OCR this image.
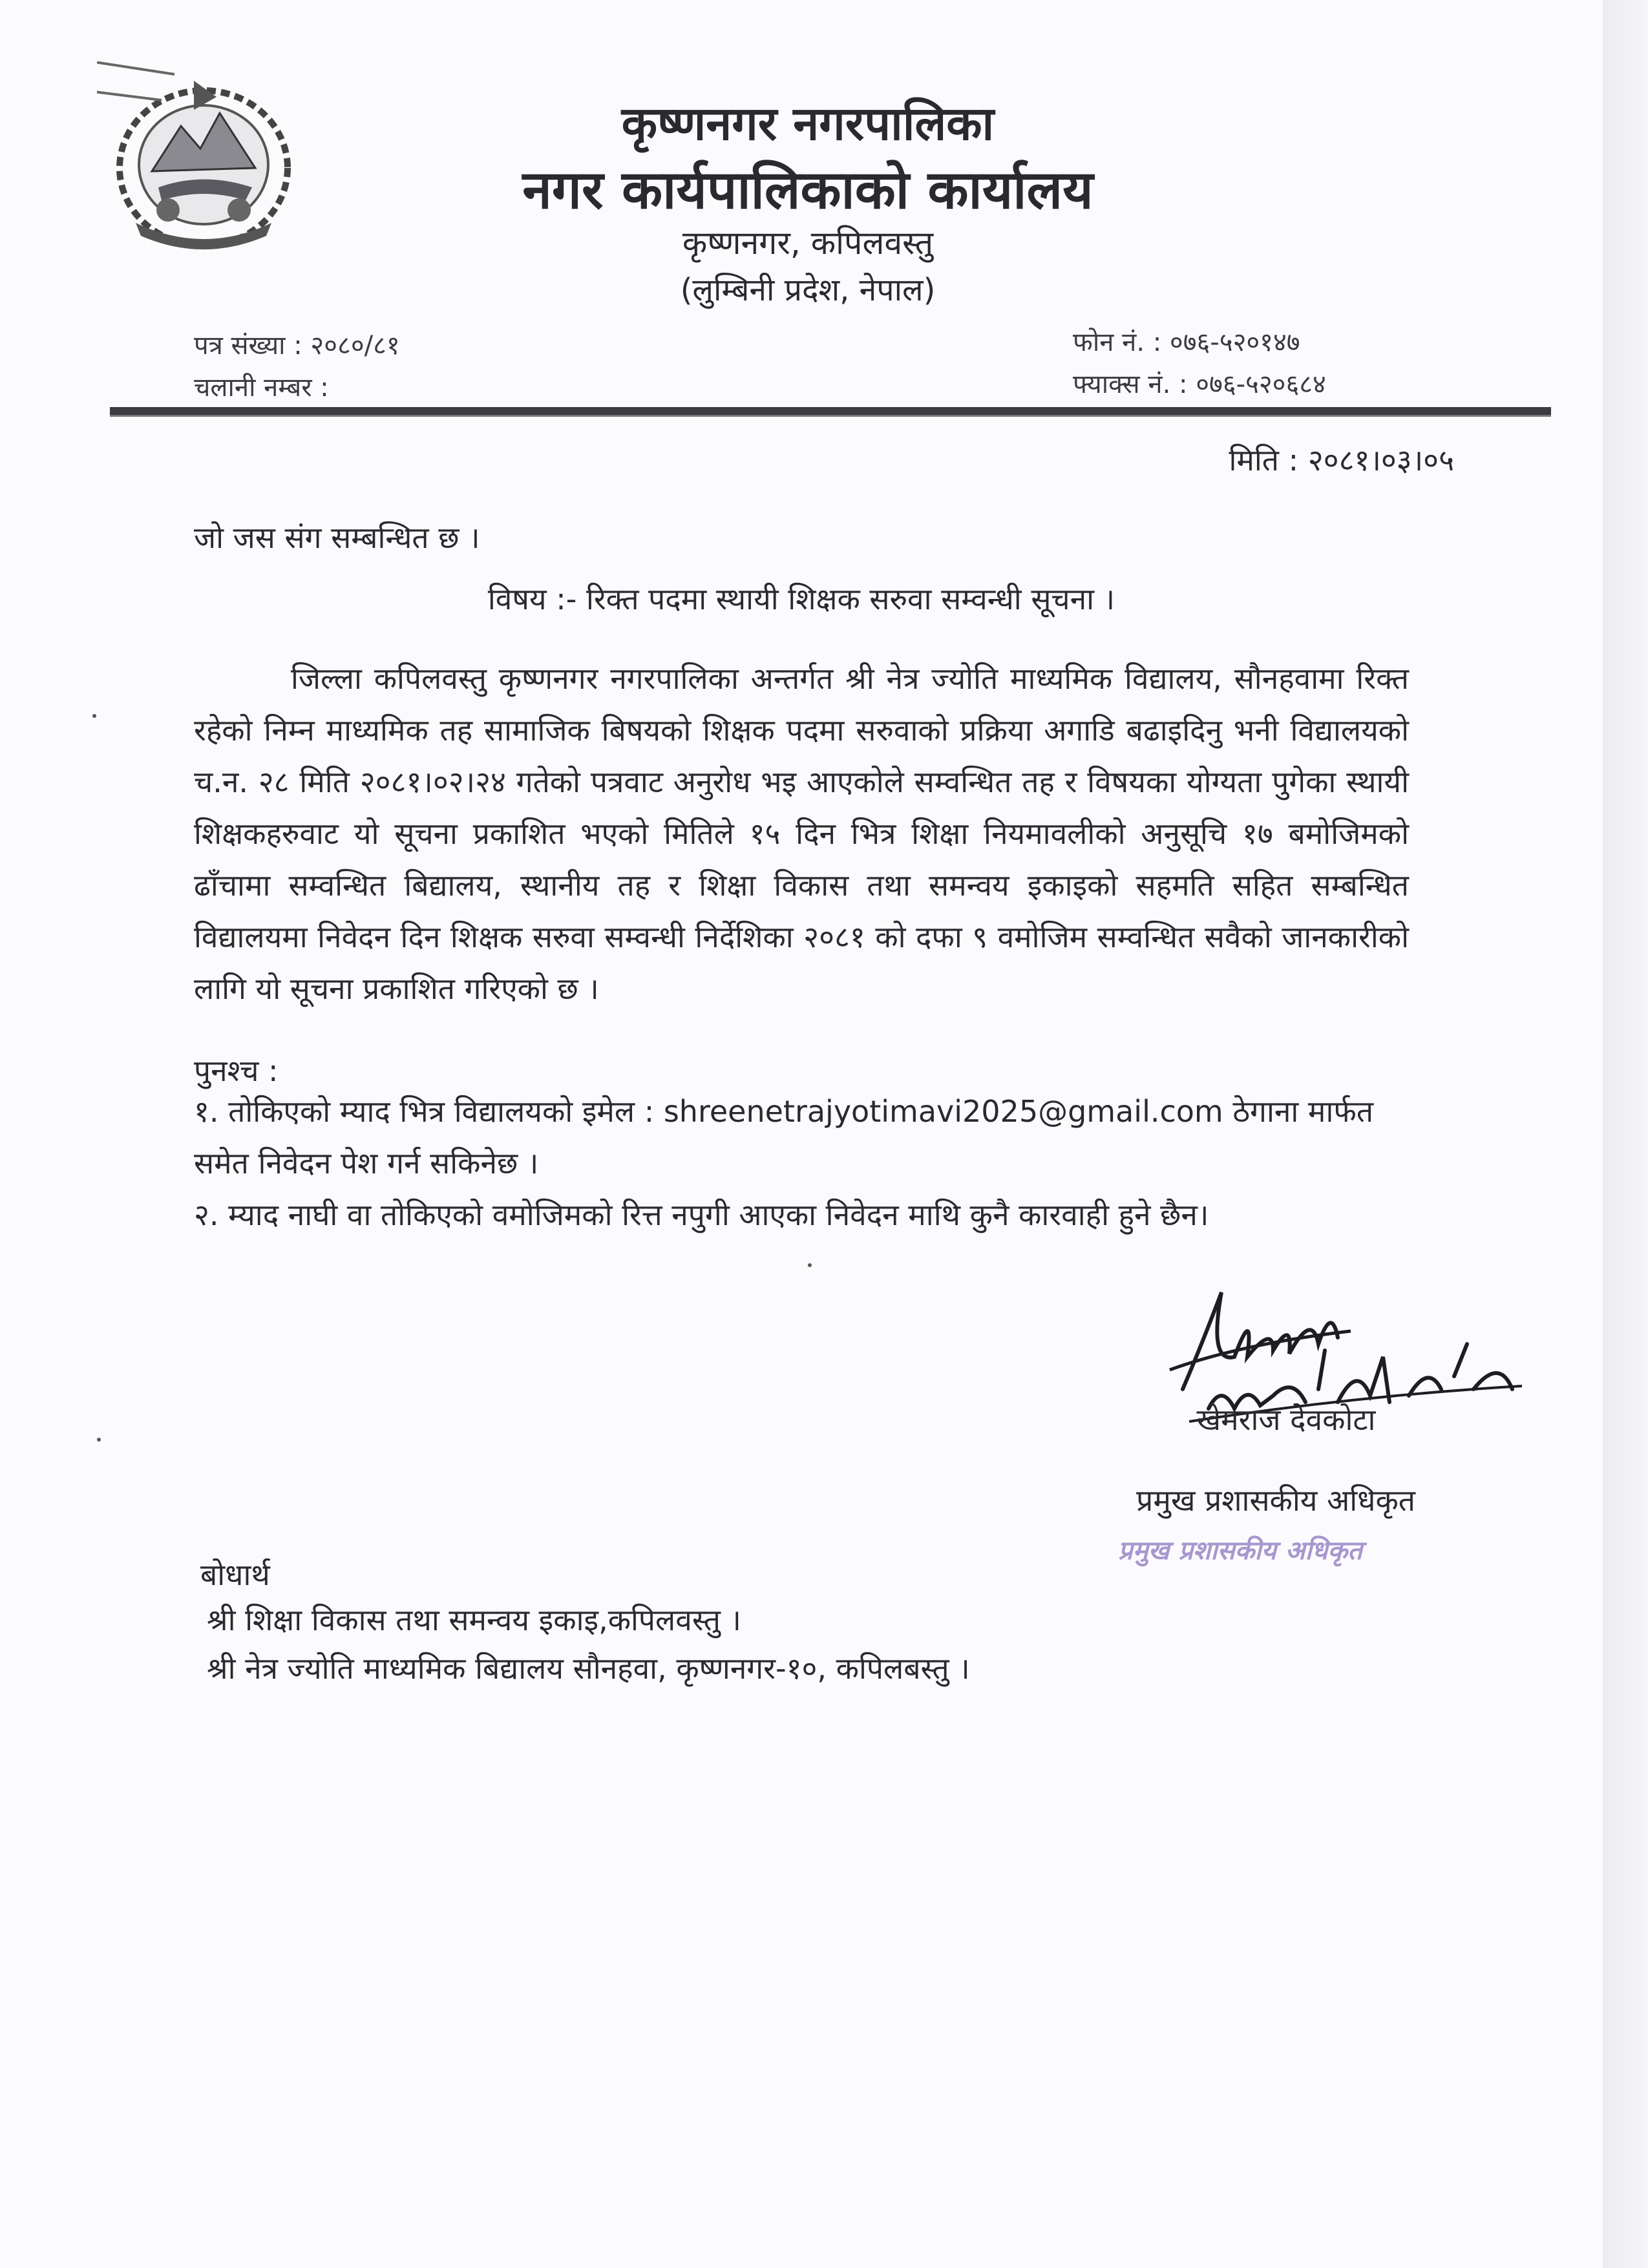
कृष्णनगर नगरपालिका
नगर कार्यपालिकाको कार्यालय
कृष्णनगर, कपिलवस्तु
(लुम्बिनी प्रदेश, नेपाल)
पत्र संख्या : २०८०/८१
चलानी नम्बर :
फोन नं. : ०७६-५२०१४७
फ्याक्स नं. : ०७६-५२०६८४
मिति : २०८१।०३।०५
जो जस संग सम्बन्धित छ ।
विषय :- रिक्त पदमा स्थायी शिक्षक सरुवा सम्वन्धी सूचना ।
जिल्ला कपिलवस्तु कृष्णनगर नगरपालिका अन्तर्गत श्री नेत्र ज्योति माध्यमिक विद्यालय, सौनहवामा रिक्त रहेको निम्न माध्यमिक तह सामाजिक बिषयको शिक्षक पदमा सरुवाको प्रक्रिया अगाडि बढाइदिनु भनी विद्यालयको च.न. २८ मिति २०८१।०२।२४ गतेको पत्रवाट अनुरोध भइ आएकोले सम्वन्धित तह र विषयका योग्यता पुगेका स्थायी शिक्षकहरुवाट यो सूचना प्रकाशित भएको मितिले १५ दिन भित्र शिक्षा नियमावलीको अनुसूचि १७ बमोजिमको ढाँचामा सम्वन्धित बिद्यालय, स्थानीय तह र शिक्षा विकास तथा समन्वय इकाइको सहमति सहित सम्बन्धित विद्यालयमा निवेदन दिन शिक्षक सरुवा सम्वन्धी निर्देशिका २०८१ को दफा ९ वमोजिम सम्वन्धित सवैको जानकारीको लागि यो सूचना प्रकाशित गरिएको छ ।
पुनश्च :
१. तोकिएको म्याद भित्र विद्यालयको इमेल : shreenetrajyotimavi2025@gmail.com ठेगाना मार्फत समेत निवेदन पेश गर्न सकिनेछ ।
२. म्याद नाघी वा तोकिएको वमोजिमको रित्त नपुगी आएका निवेदन माथि कुनै कारवाही हुने छैन।
खेमराज देवकोटा
प्रमुख प्रशासकीय अधिकृत
प्रमुख प्रशासकीय अधिकृत
बोधार्थ
श्री शिक्षा विकास तथा समन्वय इकाइ,कपिलवस्तु ।
श्री नेत्र ज्योति माध्यमिक बिद्यालय सौनहवा, कृष्णनगर-१०, कपिलबस्तु ।
